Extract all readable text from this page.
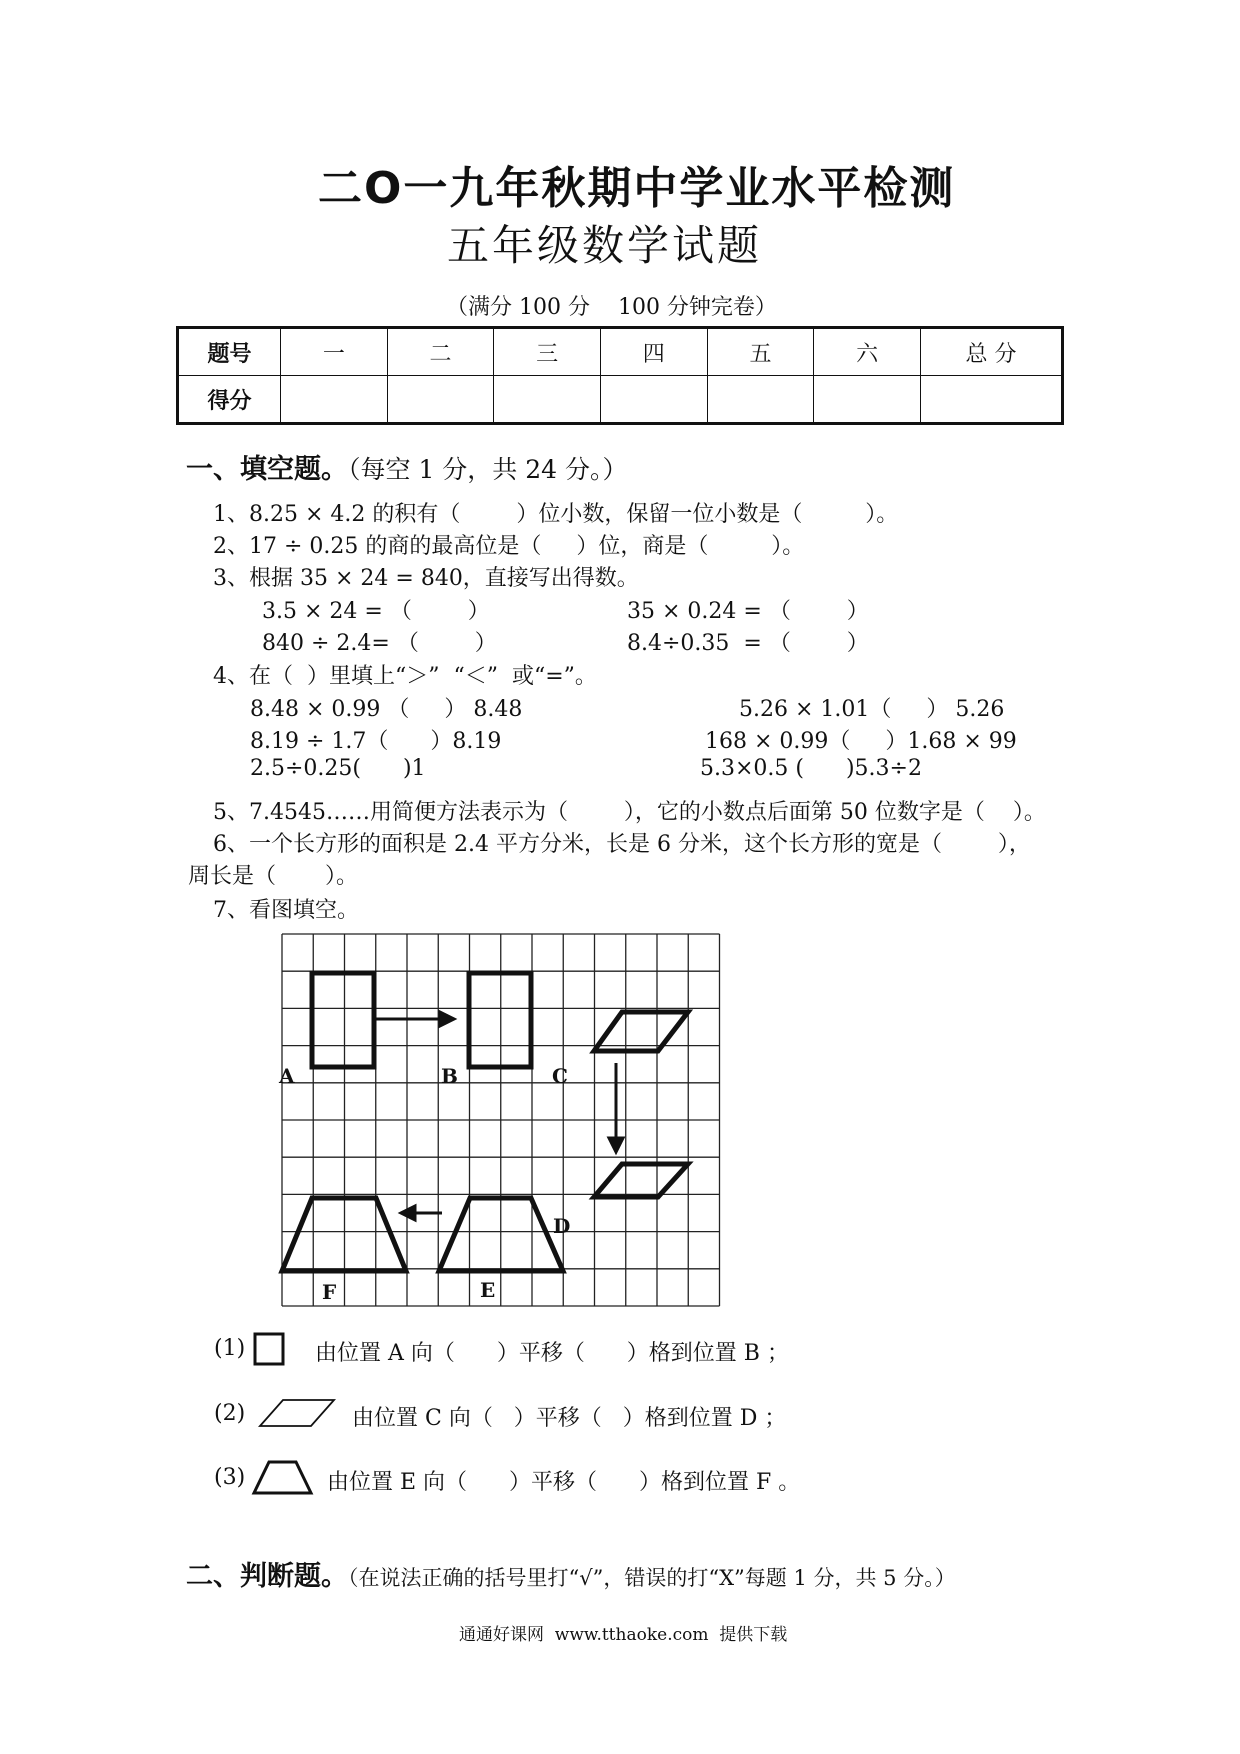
二O一九年秋期中学业水平检测
五年级数学试题
（满分 100 分    100 分钟完卷）
题号	一	二	三	四	五	六	总 分
得分							
一、填空题。（每空 1 分，共 24 分。）
1、8.25 × 4.2 的积有（        ）位小数，保留一位小数是（         ）。
2、17 ÷ 0.25 的商的最高位是（     ）位，商是（         ）。
3、根据 35 × 24 = 840，直接写出得数。
3.5 × 24 = （        ）	35 × 0.24 = （        ）
840 ÷ 2.4= （        ）	8.4÷0.35  = （        ）
4、在（  ）里填上“＞”  “＜”  或“=”。
8.48 × 0.99 （     ） 8.48	5.26 × 1.01（     ） 5.26
8.19 ÷ 1.7（      ）8.19	168 × 0.99（     ）1.68 × 99
2.5÷0.25(      )1	5.3×0.5 (      )5.3÷2
5、7.4545……用简便方法表示为（        ），它的小数点后面第 50 位数字是（    ）。
6、一个长方形的面积是 2.4 平方分米，长是 6 分米，这个长方形的宽是（        ），
周长是（       ）。
7、看图填空。
A	B	C
D
E
F
(1)	由位置 A 向（      ）平移（      ）格到位置 B ；
(2)	由位置 C 向（   ）平移（   ）格到位置 D ；
(3)	由位置 E 向（      ）平移（      ）格到位置 F 。
二、判断题。（在说法正确的括号里打“√”，错误的打“X”每题 1 分，共 5 分。）
通通好课网  www.tthaoke.com  提供下载
